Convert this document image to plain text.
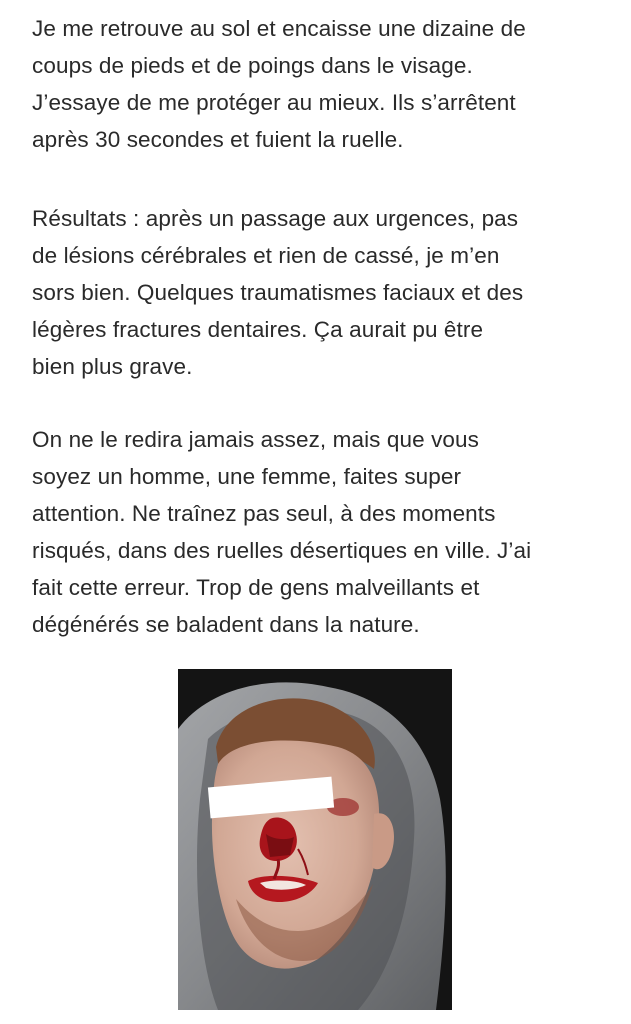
Je me retrouve au sol et encaisse une dizaine de
coups de pieds et de poings dans le visage.
J’essaye de me protéger au mieux. Ils s’arrêtent
après 30 secondes et fuient la ruelle.

Résultats : après un passage aux urgences, pas
de lésions cérébrales et rien de cassé, je m’en
sors bien. Quelques traumatismes faciaux et des
légères fractures dentaires. Ça aurait pu être
bien plus grave.

On ne le redira jamais assez, mais que vous
soyez un homme, une femme, faites super
attention. Ne traînez pas seul, à des moments
risqués, dans des ruelles désertiques en ville. J’ai
fait cette erreur. Trop de gens malveillants et
dégénérés se baladent dans la nature.
